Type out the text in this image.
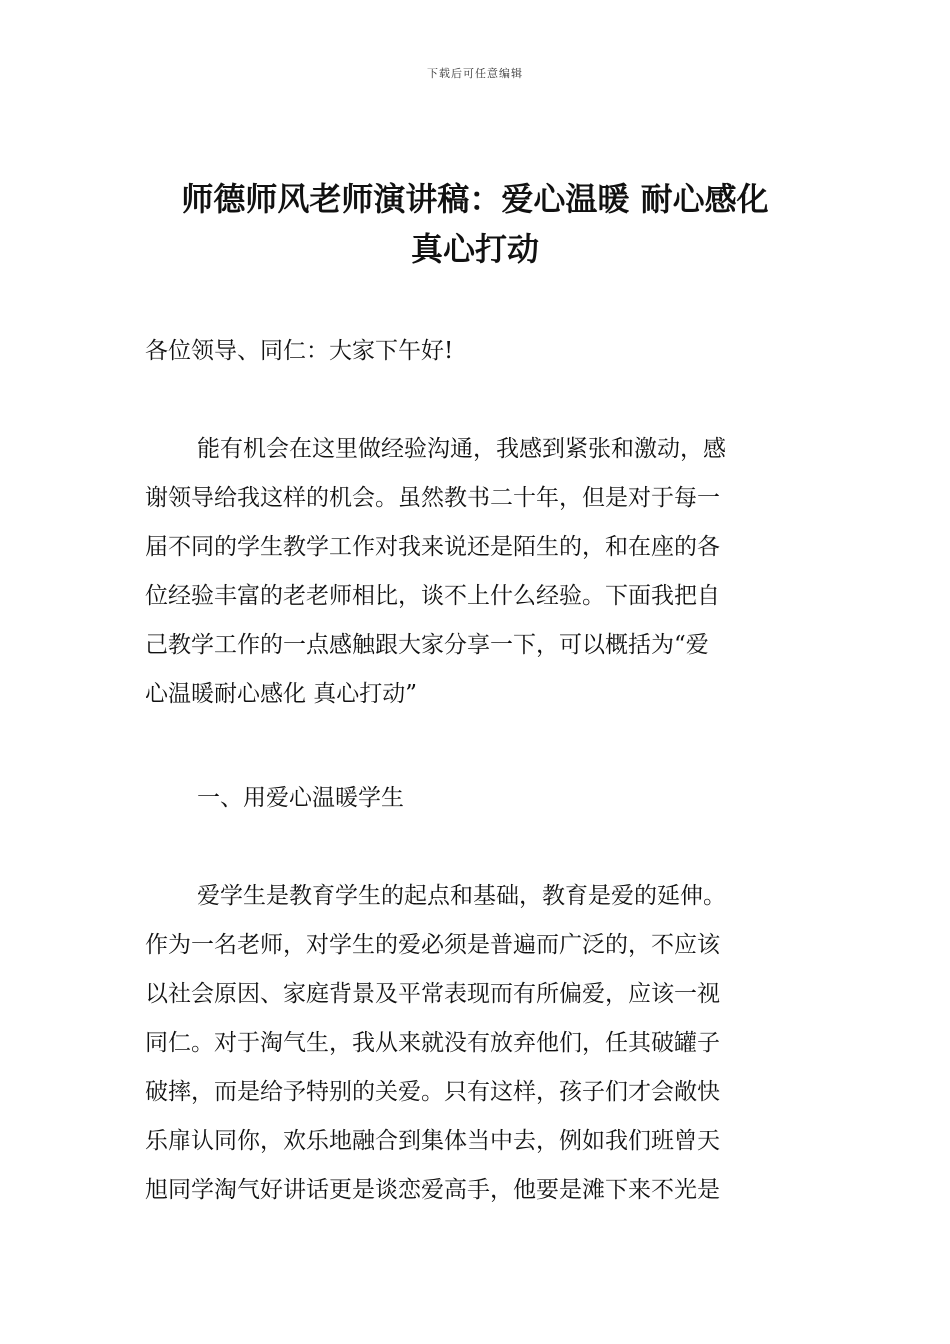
下载后可任意编辑
师德师风老师演讲稿：爱心温暖 耐心感化
真心打动
各位领导、同仁：大家下午好!
能有机会在这里做经验沟通，我感到紧张和激动，感
谢领导给我这样的机会。虽然教书二十年，但是对于每一
届不同的学生教学工作对我来说还是陌生的，和在座的各
位经验丰富的老老师相比，谈不上什么经验。下面我把自
己教学工作的一点感触跟大家分享一下，可以概括为“爱
心温暖耐心感化 真心打动”
一、用爱心温暖学生
爱学生是教育学生的起点和基础，教育是爱的延伸。
作为一名老师，对学生的爱必须是普遍而广泛的，不应该
以社会原因、家庭背景及平常表现而有所偏爱，应该一视
同仁。对于淘气生，我从来就没有放弃他们，任其破罐子
破摔，而是给予特别的关爱。只有这样，孩子们才会敞快
乐扉认同你，欢乐地融合到集体当中去，例如我们班曾天
旭同学淘气好讲话更是谈恋爱高手，他要是滩下来不光是
